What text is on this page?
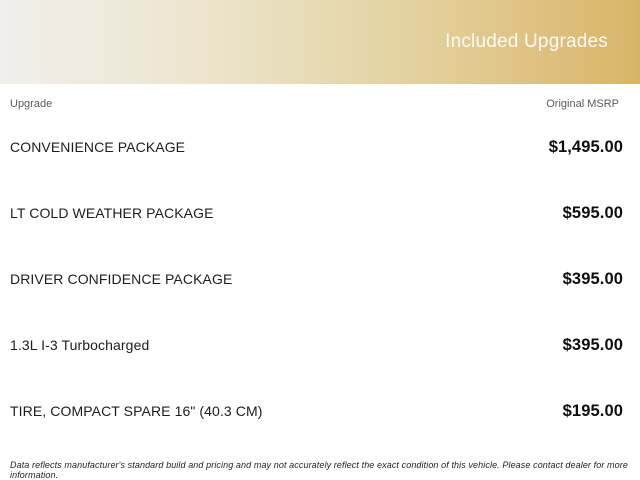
Included Upgrades
Upgrade	Original MSRP
CONVENIENCE PACKAGE	$1,495.00
LT COLD WEATHER PACKAGE	$595.00
DRIVER CONFIDENCE PACKAGE	$395.00
1.3L I-3 Turbocharged	$395.00
TIRE, COMPACT SPARE 16" (40.3 CM)	$195.00
Data reflects manufacturer's standard build and pricing and may not accurately reflect the exact condition of this vehicle. Please contact dealer for more information.
